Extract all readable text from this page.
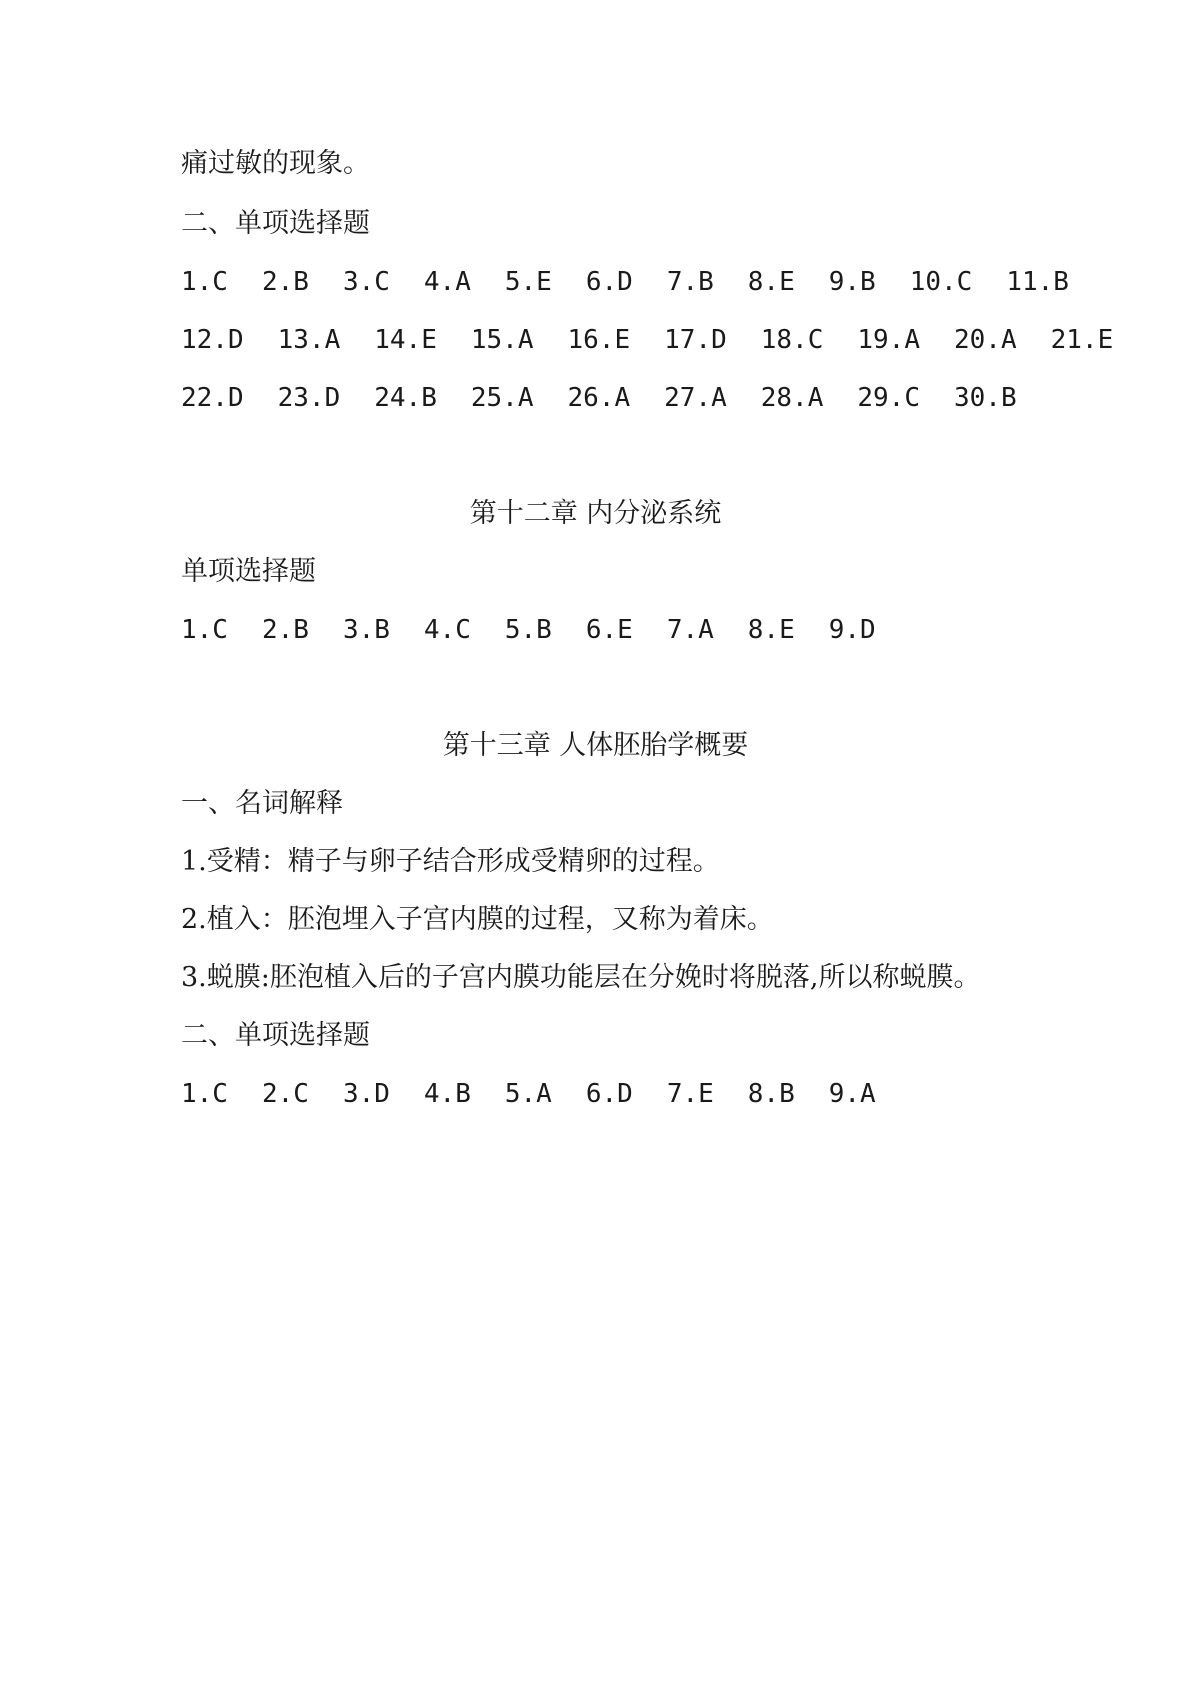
痛过敏的现象。
二、单项选择题
1.C 2.B 3.C 4.A 5.E 6.D 7.B 8.E 9.B 10.C 11.B
12.D 13.A 14.E 15.A 16.E 17.D 18.C 19.A 20.A 21.E
22.D 23.D 24.B 25.A 26.A 27.A 28.A 29.C 30.B
第十二章 内分泌系统
单项选择题
1.C 2.B 3.B 4.C 5.B 6.E 7.A 8.E 9.D
第十三章 人体胚胎学概要
一、名词解释
1.受精：精子与卵子结合形成受精卵的过程。
2.植入：胚泡埋入子宫内膜的过程，又称为着床。
3.蜕膜:胚泡植入后的子宫内膜功能层在分娩时将脱落,所以称蜕膜。
二、单项选择题
1.C 2.C 3.D 4.B 5.A 6.D 7.E 8.B 9.A
